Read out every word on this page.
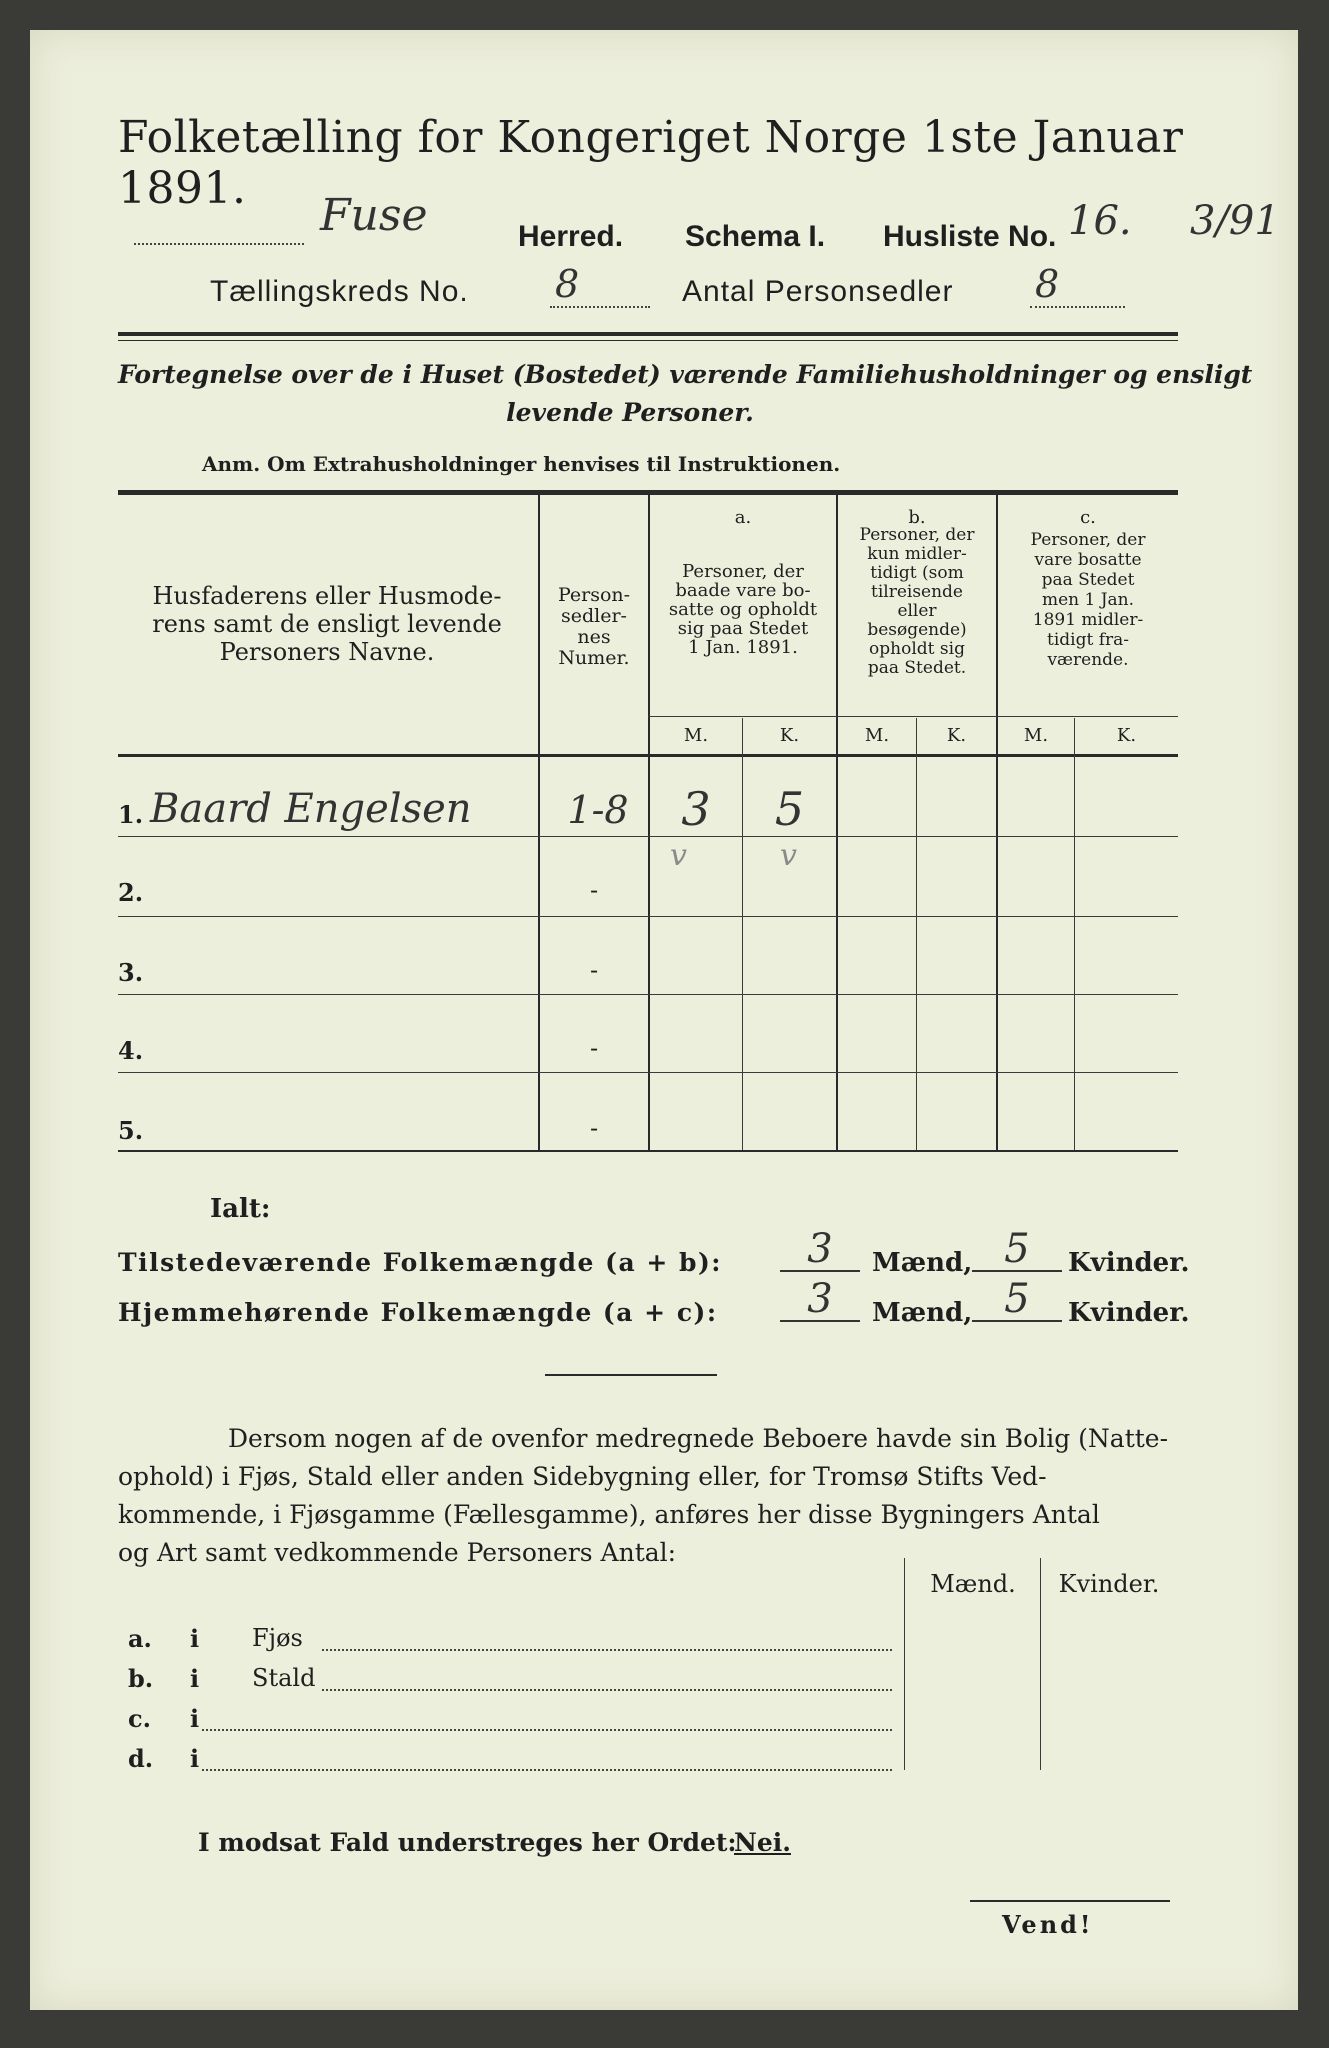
Folketælling for Kongeriget Norge 1ste Januar 1891.
Fuse	Herred. Schema I. Husliste No. 16. 3/91
Tællingskreds No. 8	Antal Personsedler 8
Fortegnelse over de i Huset (Bostedet) værende Familiehusholdninger og ensligt
levende Personer.
Anm. Om Extrahusholdninger henvises til Instruktionen.
Husfaderens eller Husmode-
rens samt de ensligt levende
Personers Navne.
Person-
sedler-
nes
Numer.
a.
Personer, der
baade vare bo-
satte og opholdt
sig paa Stedet
1 Jan. 1891.
b.
Personer, der
kun midler-
tidigt (som
tilreisende
eller
besøgende)
opholdt sig
paa Stedet.
c.
Personer, der
vare bosatte
paa Stedet
men 1 Jan.
1891 midler-
tidigt fra-
værende.
M.	K.	M.	K.	M.	K.
1. Baard Engelsen	1-8	3	5
v	v
2.	-
3.	-
4.	-
5.	-
Ialt:
Tilstedeværende Folkemængde (a + b):	3	Mænd, 5	Kvinder.
Hjemmehørende Folkemængde (a + c):	3	Mænd, 5	Kvinder.
Dersom nogen af de ovenfor medregnede Beboere havde sin Bolig (Natte-
ophold) i Fjøs, Stald eller anden Sidebygning eller, for Tromsø Stifts Ved-
kommende, i Fjøsgamme (Fællesgamme), anføres her disse Bygningers Antal
og Art samt vedkommende Personers Antal:
Mænd.	Kvinder.
a. i Fjøs
b. i Stald
c. i
d. i
I modsat Fald understreges her Ordet:
Nei.
Vend!
